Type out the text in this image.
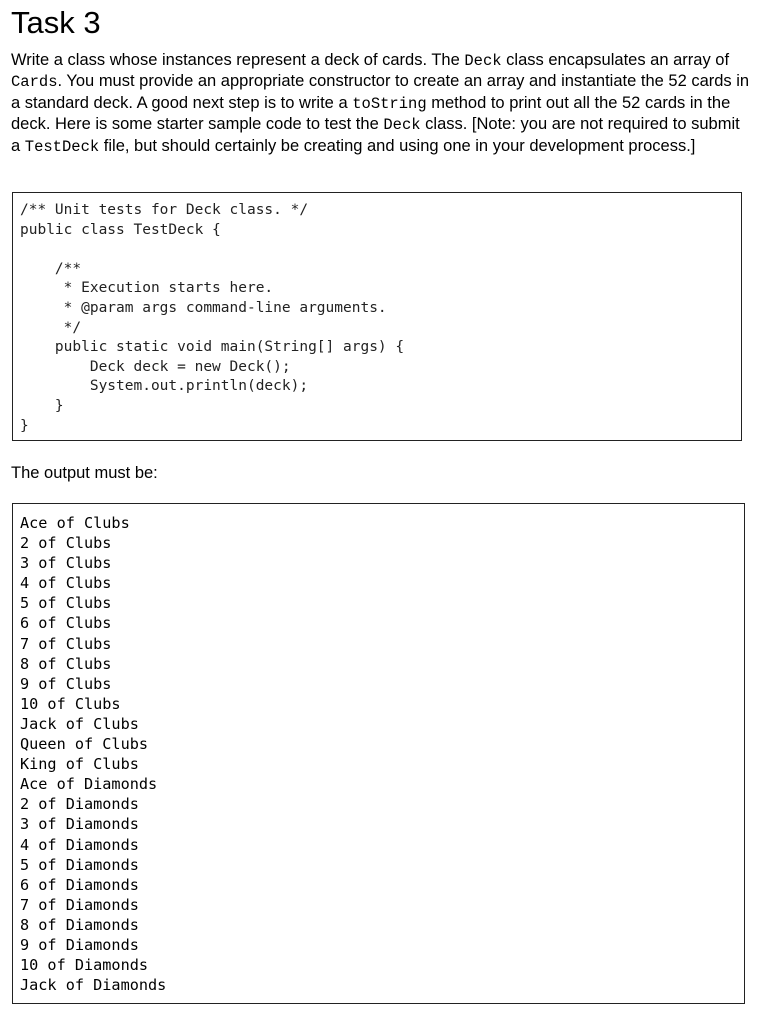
Task 3

Write a class whose instances represent a deck of cards. The Deck class encapsulates an array of Cards. You must provide an appropriate constructor to create an array and instantiate the 52 cards in a standard deck. A good next step is to write a toString method to print out all the 52 cards in the deck. Here is some starter sample code to test the Deck class. [Note: you are not required to submit a TestDeck file, but should certainly be creating and using one in your development process.]

/** Unit tests for Deck class. */
public class TestDeck {

/**
* Execution starts here.
* @param args command-line arguments.
*/
public static void main(String[] args) {
Deck deck = new Deck();
System.out.println(deck);
}
}

The output must be:

Ace of Clubs
2 of Clubs
3 of Clubs
4 of Clubs
5 of Clubs
6 of Clubs
7 of Clubs
8 of Clubs
9 of Clubs
10 of Clubs
Jack of Clubs
Queen of Clubs
King of Clubs
Ace of Diamonds
2 of Diamonds
3 of Diamonds
4 of Diamonds
5 of Diamonds
6 of Diamonds
7 of Diamonds
8 of Diamonds
9 of Diamonds
10 of Diamonds
Jack of Diamonds
